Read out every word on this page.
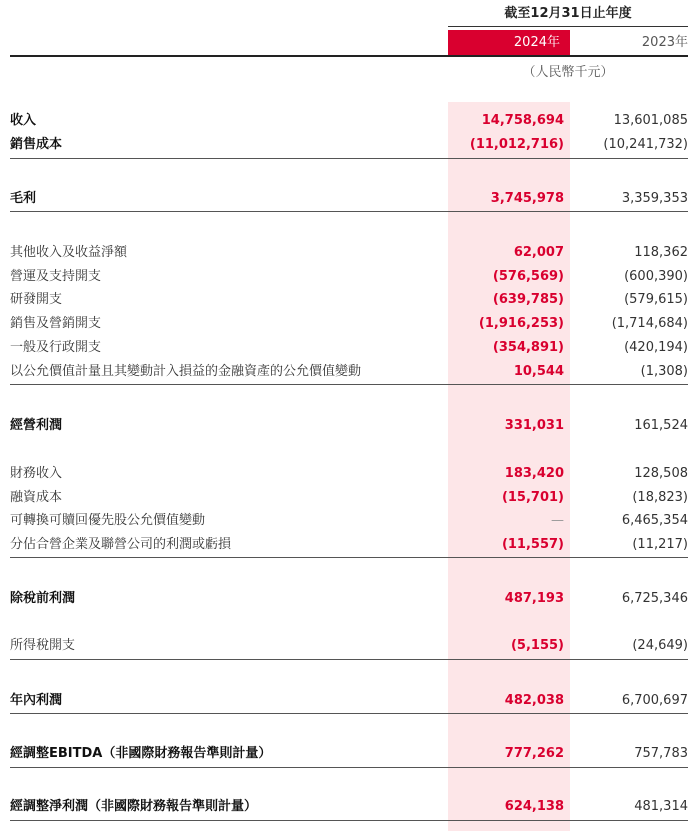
截至12月31日止年度
2024年	2023年
（人民幣千元）
收入	14,758,694	13,601,085
銷售成本	(11,012,716)	(10,241,732)
毛利	3,745,978	3,359,353
其他收入及收益淨額	62,007	118,362
營運及支持開支	(576,569)	(600,390)
研發開支	(639,785)	(579,615)
銷售及營銷開支	(1,916,253)	(1,714,684)
一般及行政開支	(354,891)	(420,194)
以公允價值計量且其變動計入損益的金融資產的公允價值變動	10,544	(1,308)
經營利潤	331,031	161,524
財務收入	183,420	128,508
融資成本	(15,701)	(18,823)
可轉換可贖回優先股公允價值變動	—	6,465,354
分佔合營企業及聯營公司的利潤或虧損	(11,557)	(11,217)
除稅前利潤	487,193	6,725,346
所得稅開支	(5,155)	(24,649)
年內利潤	482,038	6,700,697
經調整EBITDA（非國際財務報告準則計量）	777,262	757,783
經調整淨利潤（非國際財務報告準則計量）	624,138	481,314
